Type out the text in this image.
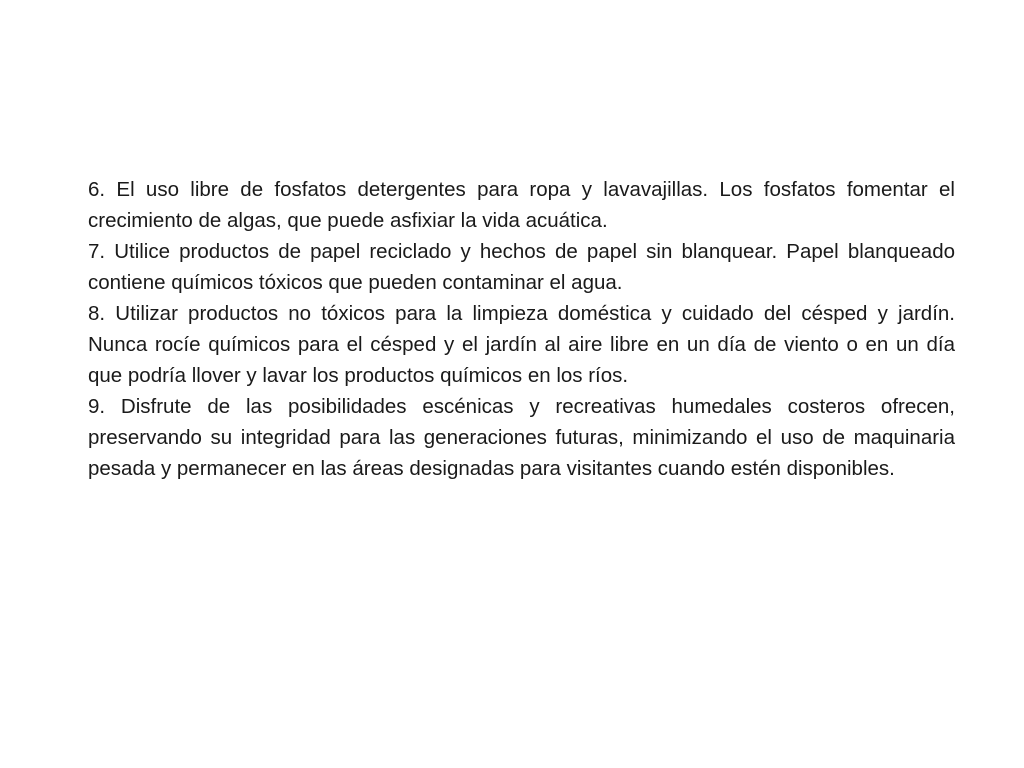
6. El uso libre de fosfatos detergentes para ropa y lavavajillas. Los fosfatos fomentar el crecimiento de algas, que puede asfixiar la vida acuática.

7. Utilice productos de papel reciclado y hechos de papel sin blanquear. Papel blanqueado contiene químicos tóxicos que pueden contaminar el agua.

8. Utilizar productos no tóxicos para la limpieza doméstica y cuidado del césped y jardín. Nunca rocíe químicos para el césped y el jardín al aire libre en un día de viento o en un día que podría llover y lavar los productos químicos en los ríos.

9. Disfrute de las posibilidades escénicas y recreativas humedales costeros ofrecen, preservando su integridad para las generaciones futuras, minimizando el uso de maquinaria pesada y permanecer en las áreas designadas para visitantes cuando estén disponibles.
